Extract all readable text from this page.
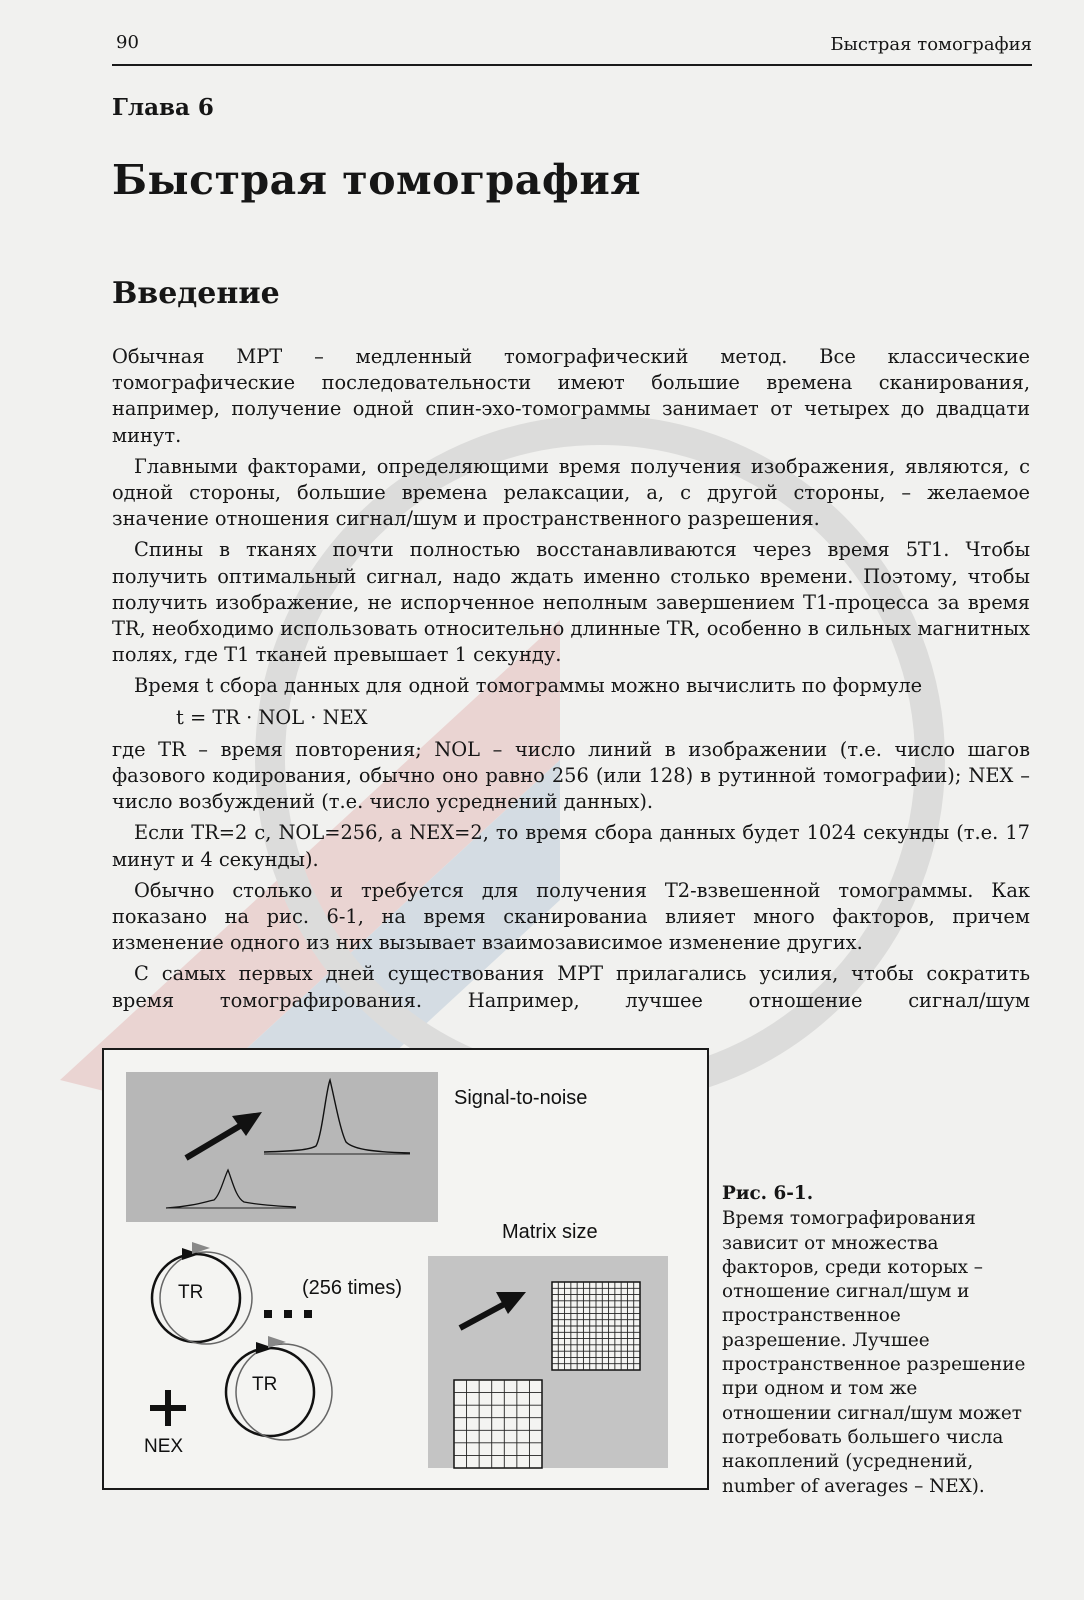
90	Быстрая томография
Глава 6
Быстрая томография
Введение

Обычная МРТ – медленный томографический метод. Все классические томографические последовательности имеют большие времена сканирования, например, получение одной спин-эхо-томограммы занимает от четырех до двадцати минут.

Главными факторами, определяющими время получения изображения, являются, с одной стороны, большие времена релаксации, а, с другой стороны, – желаемое значение отношения сигнал/шум и пространственного разрешения.

Спины в тканях почти полностью восстанавливаются через время 5T1. Чтобы получить оптимальный сигнал, надо ждать именно столько времени. Поэтому, чтобы получить изображение, не испорченное неполным завершением T1-процесса за время TR, необходимо использовать относительно длинные TR, особенно в сильных магнитных полях, где T1 тканей превышает 1 секунду.

Время t сбора данных для одной томограммы можно вычислить по формуле

t = TR · NOL · NEX

где TR – время повторения; NOL – число линий в изображении (т.е. число шагов фазового кодирования, обычно оно равно 256 (или 128) в рутинной томографии); NEX – число возбуждений (т.е. число усреднений данных).

Если TR=2 с, NOL=256, а NEX=2, то время сбора данных будет 1024 секунды (т.е. 17 минут и 4 секунды).

Обычно столько и требуется для получения T2-взвешенной томограммы. Как показано на рис. 6-1, на время сканированиа влияет много факторов, причем изменение одного из них вызывает взаимозависимое изменение других.

С самых первых дней существования МРТ прилагались усилия, чтобы сократить время томографирования. Например, лучшее отношение сигнал/шум

Signal-to-noise
Matrix size
TR	(256 times)
NEX
TR
Рис. 6-1.
Время томографирования зависит от множества факторов, среди которых – отношение сигнал/шум и пространственное разрешение. Лучшее пространственное разрешение при одном и том же отношении сигнал/шум может потребовать большего числа накоплений (усреднений, number of averages – NEX).
